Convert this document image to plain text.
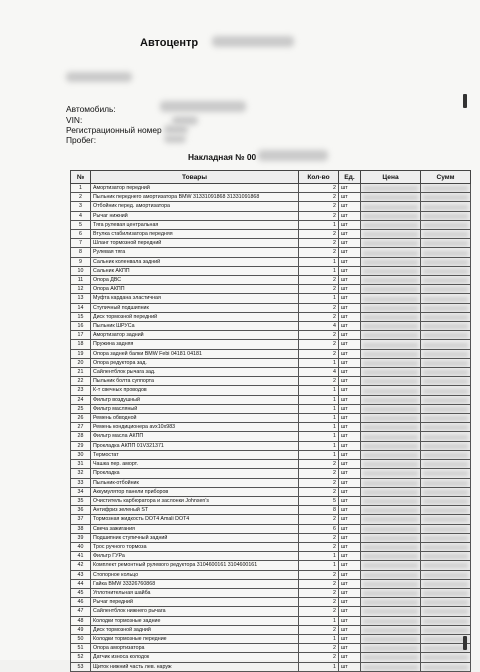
Автоцентр
Автомобиль:
VIN:
Регистрационный номер
Пробег:
Накладная № 00
№	Товары	Кол-во	Ед.	Цена	Сумм
1	Амортизатор передний	2	шт	

2	Пыльник переднего амортизатора BMW 31331091868 31331091868	2	шт	

3	Отбойник перед. амортизатора	2	шт	

4	Рычаг нижний	2	шт	

5	Тяга рулевая центральная	1	шт	

6	Втулка стабилизатора передняя	2	шт	

7	Шланг тормозной передний	2	шт	

8	Рулевая тяга	2	шт	

9	Сальник коленвала задний	1	шт	

10	Сальник АКПП	1	шт	

11	Опора ДВС	2	шт	

12	Опора АКПП	2	шт	

13	Муфта кардана эластичная	1	шт	

14	Ступичный подшипник	2	шт	

15	Диск тормозной передний	2	шт	

16	Пыльник ШРУСа	4	шт	

17	Амортизатор задний	2	шт	

18	Пружина задняя	2	шт	

19	Опора задней балки BMW Febi 04181 04181	2	шт	

20	Опора редуктора зад.	1	шт	

21	Сайлентблок рычага зад.	4	шт	

22	Пыльник болта суппорта	2	шт	

23	К-т свечных проводов	1	шт	

24	Фильтр воздушный	1	шт	

25	Фильтр масляный	1	шт	

26	Ремень обводной	1	шт	

27	Ремень кондиционера аvx10x983	1	шт	

28	Фильтр масла АКПП	1	шт	

29	Прокладка АКПП 01V321371	1	шт	

30	Термостат	1	шт	

31	Чашка пер. аморт.	2	шт	

32	Прокладка	2	шт	

33	Пыльник-отбойник	2	шт	

34	Аккумулятор панели приборов	2	шт	

35	Очиститель карбюратора и заслонки Johnsen's	5	шт	

36	Антифриз зеленый ST	8	шт	

37	Тормозная жидкость DOT4 Amali DOT4	2	шт	

38	Свеча зажигания	6	шт	

39	Подшипник ступичный задний	2	шт	

40	Трос ручного тормоза	2	шт	

41	Фильтр ГУРа	1	шт	

42	Комплект ремонтный рулевого редуктора 3104600161 3104600161	1	шт	

43	Стопорное кольцо	2	шт	

44	Гайка BMW 33326760868	2	шт	

45	Уплотнительная шайба	2	шт	

46	Рычаг передний	2	шт	

47	Сайлентблок нижнего рычага	2	шт	

48	Колодки тормозные задние	1	шт	

49	Диск тормозной задний	2	шт	

50	Колодки тормозные передние	1	шт	

51	Опора амортизатора	2	шт	

52	Датчик износа колодок	2	шт	

53	Щиток нижний часть лев. наруж	1	шт	
